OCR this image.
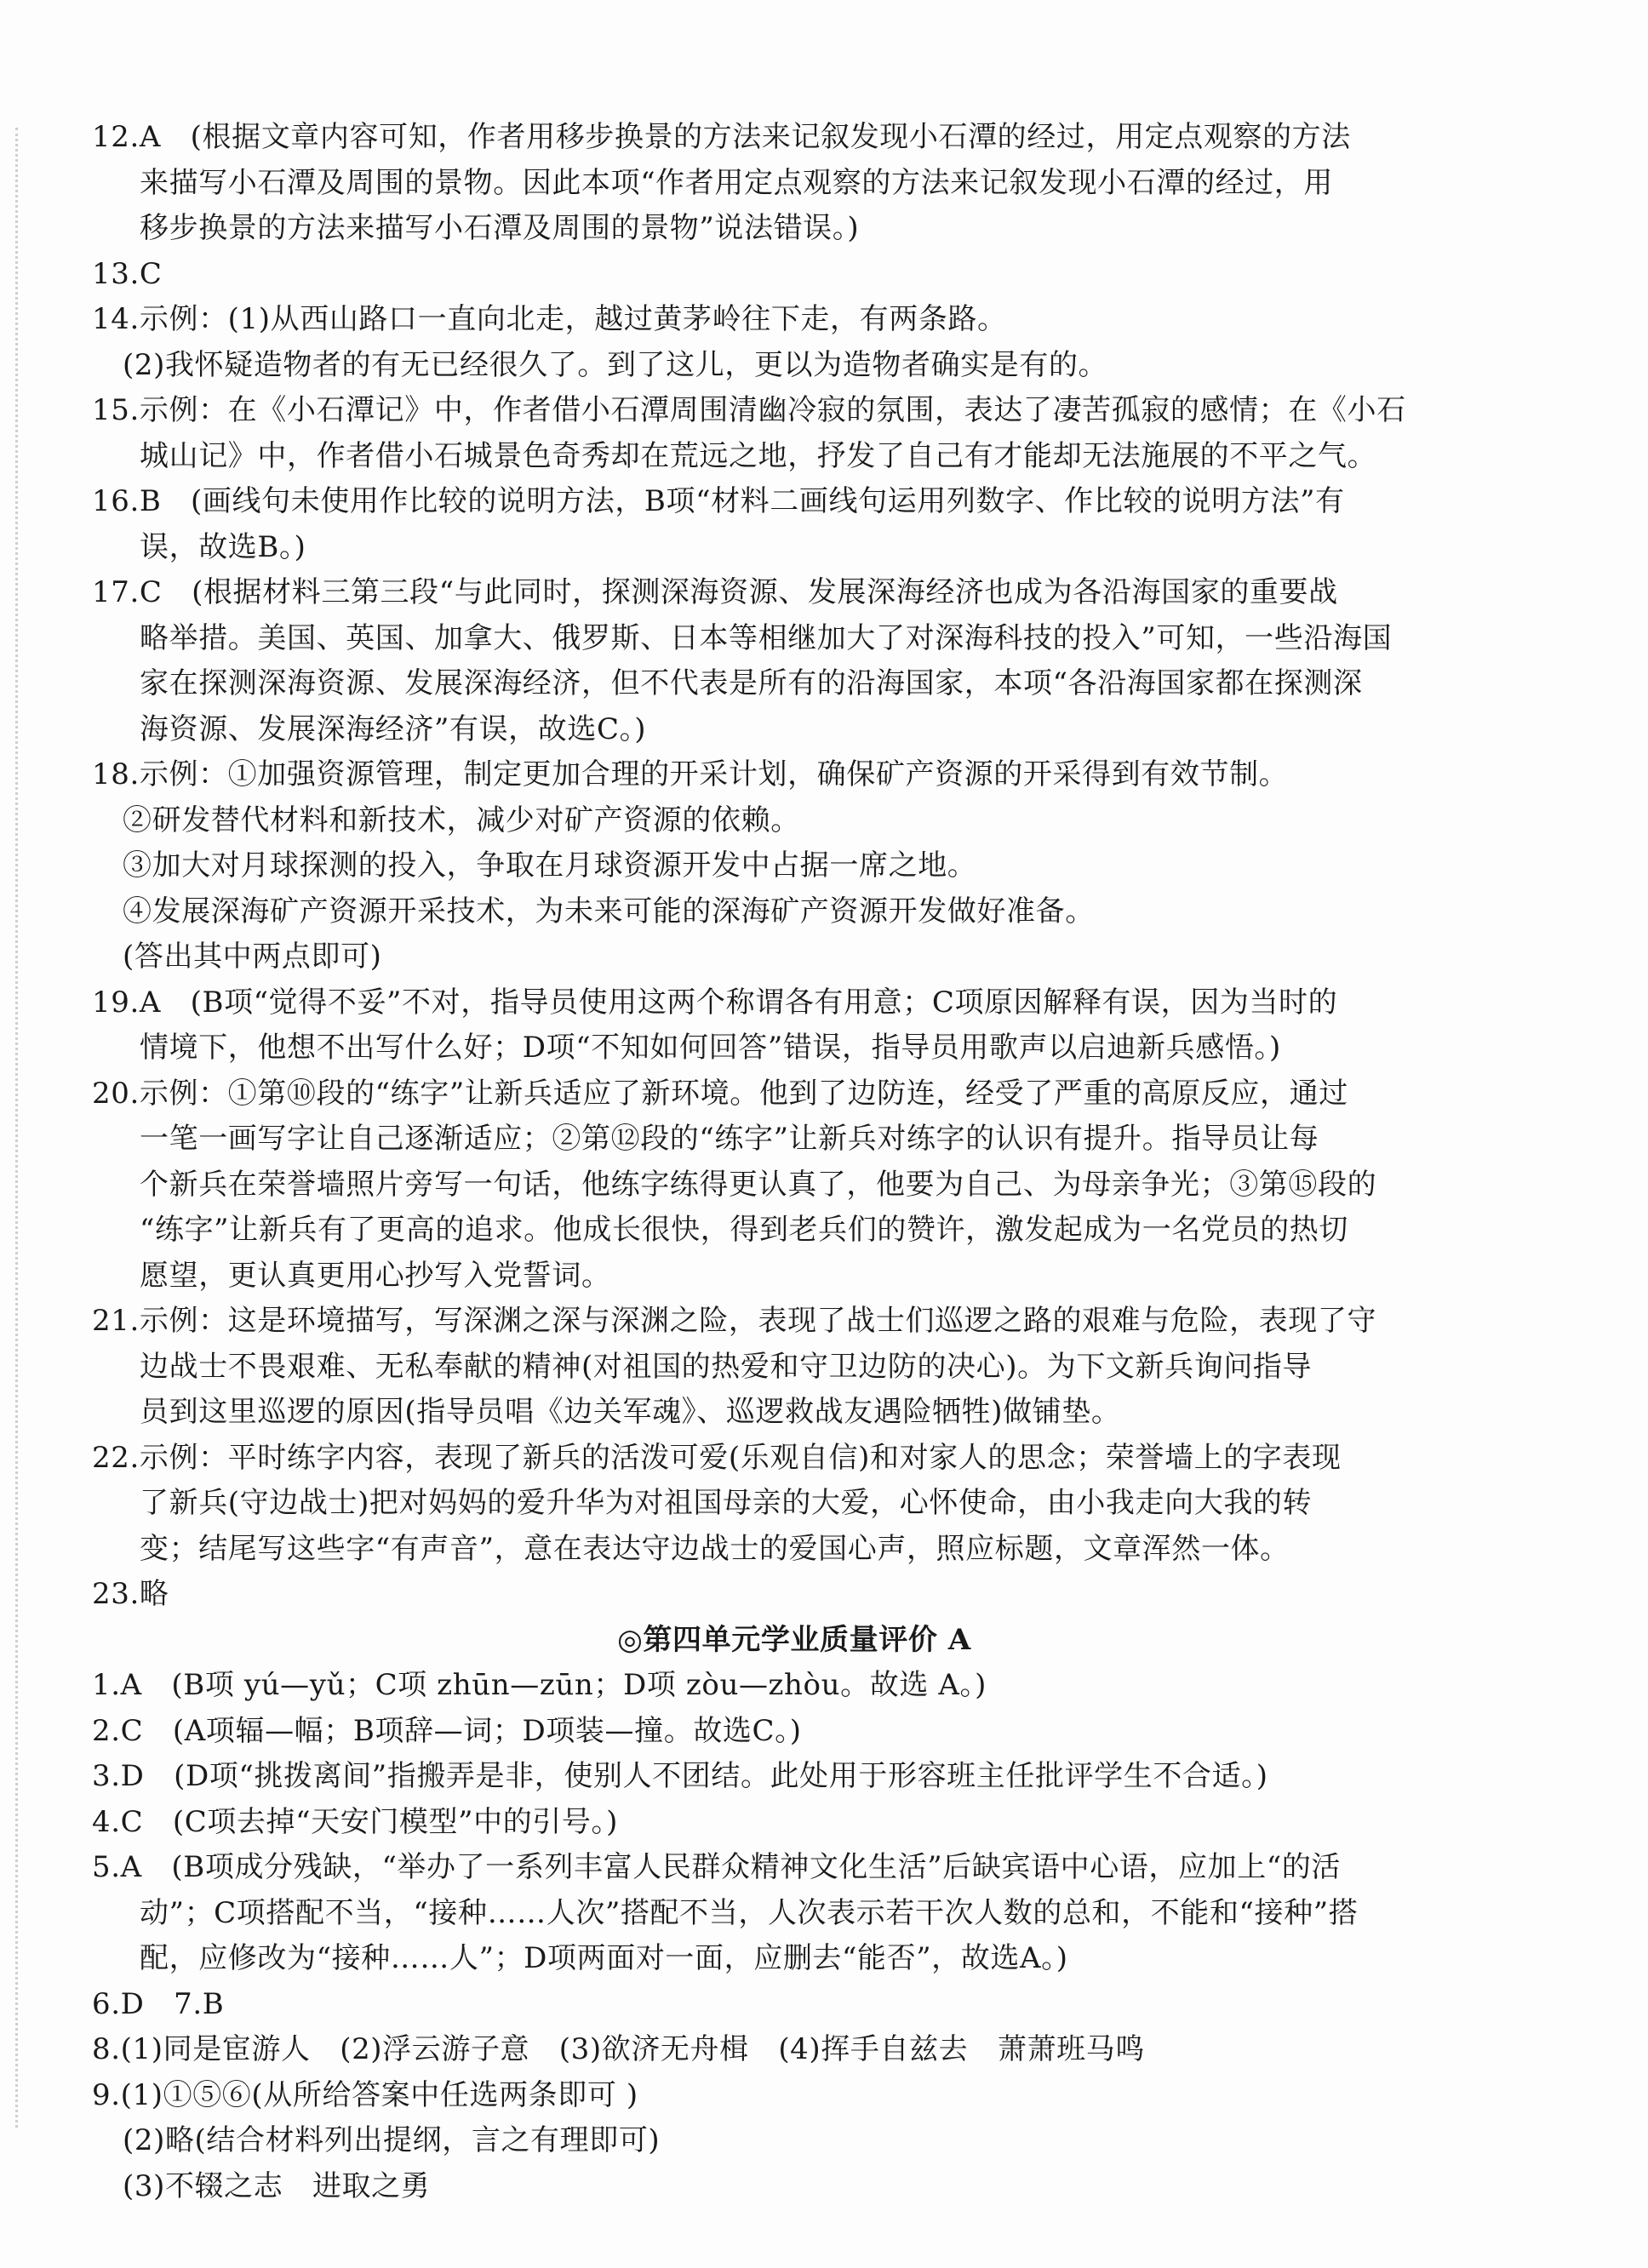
12.A　(根据文章内容可知，作者用移步换景的方法来记叙发现小石潭的经过，用定点观察的方法
来描写小石潭及周围的景物。因此本项“作者用定点观察的方法来记叙发现小石潭的经过，用
移步换景的方法来描写小石潭及周围的景物”说法错误。)
13.C
14.示例：(1)从西山路口一直向北走，越过黄茅岭往下走，有两条路。
(2)我怀疑造物者的有无已经很久了。到了这儿，更以为造物者确实是有的。
15.示例：在《小石潭记》中，作者借小石潭周围清幽冷寂的氛围，表达了凄苦孤寂的感情；在《小石
城山记》中，作者借小石城景色奇秀却在荒远之地，抒发了自己有才能却无法施展的不平之气。
16.B　(画线句未使用作比较的说明方法，B项“材料二画线句运用列数字、作比较的说明方法”有
误，故选B。)
17.C　(根据材料三第三段“与此同时，探测深海资源、发展深海经济也成为各沿海国家的重要战
略举措。美国、英国、加拿大、俄罗斯、日本等相继加大了对深海科技的投入”可知，一些沿海国
家在探测深海资源、发展深海经济，但不代表是所有的沿海国家，本项“各沿海国家都在探测深
海资源、发展深海经济”有误，故选C。)
18.示例：①加强资源管理，制定更加合理的开采计划，确保矿产资源的开采得到有效节制。
②研发替代材料和新技术，减少对矿产资源的依赖。
③加大对月球探测的投入，争取在月球资源开发中占据一席之地。
④发展深海矿产资源开采技术，为未来可能的深海矿产资源开发做好准备。
(答出其中两点即可)
19.A　(B项“觉得不妥”不对，指导员使用这两个称谓各有用意；C项原因解释有误，因为当时的
情境下，他想不出写什么好；D项“不知如何回答”错误，指导员用歌声以启迪新兵感悟。)
20.示例：①第⑩段的“练字”让新兵适应了新环境。他到了边防连，经受了严重的高原反应，通过
一笔一画写字让自己逐渐适应；②第⑫段的“练字”让新兵对练字的认识有提升。指导员让每
个新兵在荣誉墙照片旁写一句话，他练字练得更认真了，他要为自己、为母亲争光；③第⑮段的
“练字”让新兵有了更高的追求。他成长很快，得到老兵们的赞许，激发起成为一名党员的热切
愿望，更认真更用心抄写入党誓词。
21.示例：这是环境描写，写深渊之深与深渊之险，表现了战士们巡逻之路的艰难与危险，表现了守
边战士不畏艰难、无私奉献的精神(对祖国的热爱和守卫边防的决心)。为下文新兵询问指导
员到这里巡逻的原因(指导员唱《边关军魂》、巡逻救战友遇险牺牲)做铺垫。
22.示例：平时练字内容，表现了新兵的活泼可爱(乐观自信)和对家人的思念；荣誉墙上的字表现
了新兵(守边战士)把对妈妈的爱升华为对祖国母亲的大爱，心怀使命，由小我走向大我的转
变；结尾写这些字“有声音”，意在表达守边战士的爱国心声，照应标题，文章浑然一体。
23.略
◎第四单元学业质量评价 A
1.A　(B项 yú—yǔ；C项 zhūn—zūn；D项 zòu—zhòu。故选 A。)
2.C　(A项辐—幅；B项辞—词；D项装—撞。故选C。)
3.D　(D项“挑拨离间”指搬弄是非，使别人不团结。此处用于形容班主任批评学生不合适。)
4.C　(C项去掉“天安门模型”中的引号。)
5.A　(B项成分残缺，“举办了一系列丰富人民群众精神文化生活”后缺宾语中心语，应加上“的活
动”；C项搭配不当，“接种……人次”搭配不当，人次表示若干次人数的总和，不能和“接种”搭
配，应修改为“接种……人”；D项两面对一面，应删去“能否”，故选A。)
6.D　7.B
8.(1)同是宦游人　(2)浮云游子意　(3)欲济无舟楫　(4)挥手自兹去　萧萧班马鸣
9.(1)①⑤⑥(从所给答案中任选两条即可 )
(2)略(结合材料列出提纲，言之有理即可)
(3)不辍之志　进取之勇
